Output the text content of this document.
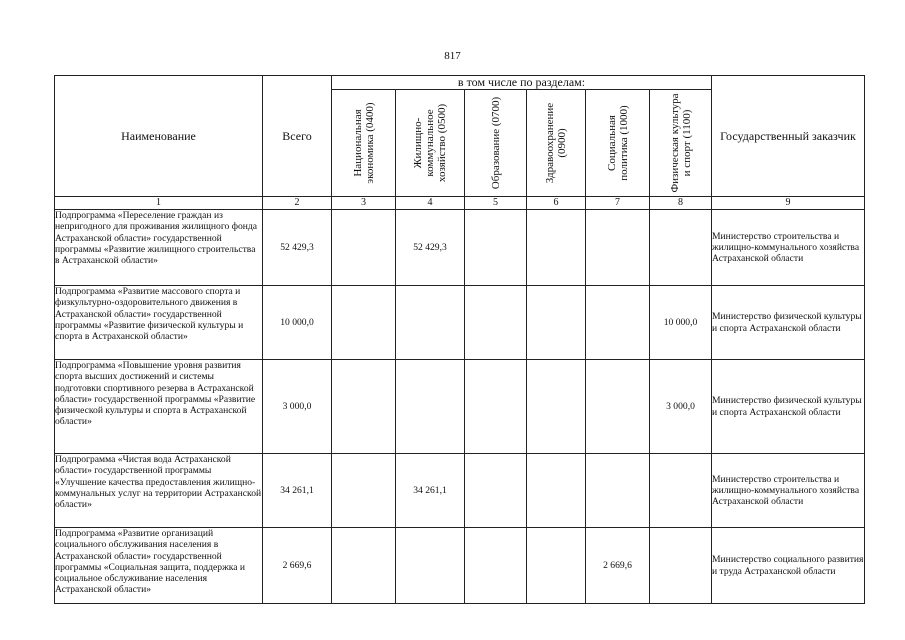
817
Наименование	Всего	в том числе по разделам:						Государственный заказчик

		Национальная экономика (0400)	Жилищно-коммунальное хозяйство (0500)	Образование (0700)	Здравоохранение (0900)	Социальная политика (1000)	Физическая культура и спорт (1100)	

1	2	3	4	5	6	7	8	9
Подпрограмма «Переселение граждан из непригодного для проживания жилищного фонда Астраханской области» государственной программы «Развитие жилищного строительства в Астраханской области»	52 429,3		52 429,3					Министерство строительства и жилищно-коммунального хозяйства Астраханской области
Подпрограмма «Развитие массового спорта и физкультурно-оздоровительного движения в Астраханской области» государственной программы «Развитие физической культуры и спорта в Астраханской области»	10 000,0						10 000,0	Министерство физической культуры и спорта Астраханской области
Подпрограмма «Повышение уровня развития спорта высших достижений и системы подготовки спортивного резерва в Астраханской области» государственной программы «Развитие физической культуры и спорта в Астраханской области»	3 000,0						3 000,0	Министерство физической культуры и спорта Астраханской области
Подпрограмма «Чистая вода Астраханской области» государственной программы «Улучшение качества предоставления жилищно-коммунальных услуг на территории Астраханской области»	34 261,1		34 261,1					Министерство строительства и жилищно-коммунального хозяйства Астраханской области
Подпрограмма «Развитие организаций социального обслуживания населения в Астраханской области» государственной программы «Социальная защита, поддержка и социальное обслуживание населения Астраханской области»	2 669,6					2 669,6		Министерство социального развития и труда Астраханской области
